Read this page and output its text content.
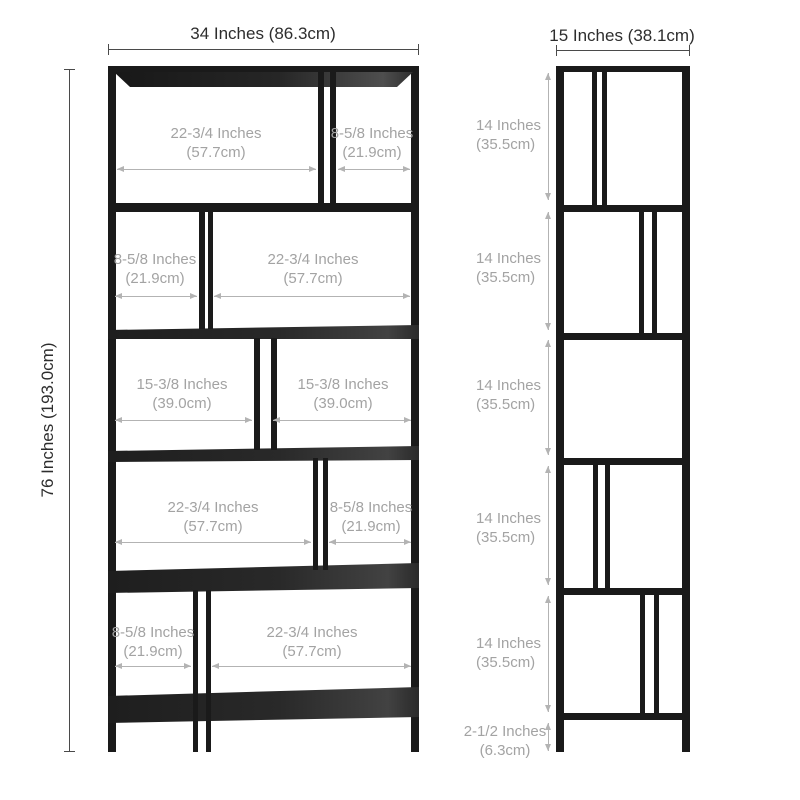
34 Inches (86.3cm)	15 Inches (38.1cm)
76 Inches (193.0cm)
22-3/4 Inches
(57.7cm)
8-5/8 Inches
(21.9cm)
8-5/8 Inches
(21.9cm)
22-3/4 Inches
(57.7cm)
15-3/8 Inches
(39.0cm)
15-3/8 Inches
(39.0cm)
22-3/4 Inches
(57.7cm)
8-5/8 Inches
(21.9cm)
8-5/8 Inches
(21.9cm)
22-3/4 Inches
(57.7cm)
14 Inches
(35.5cm)
14 Inches
(35.5cm)
14 Inches
(35.5cm)
14 Inches
(35.5cm)
14 Inches
(35.5cm)
2-1/2 Inches
(6.3cm)
